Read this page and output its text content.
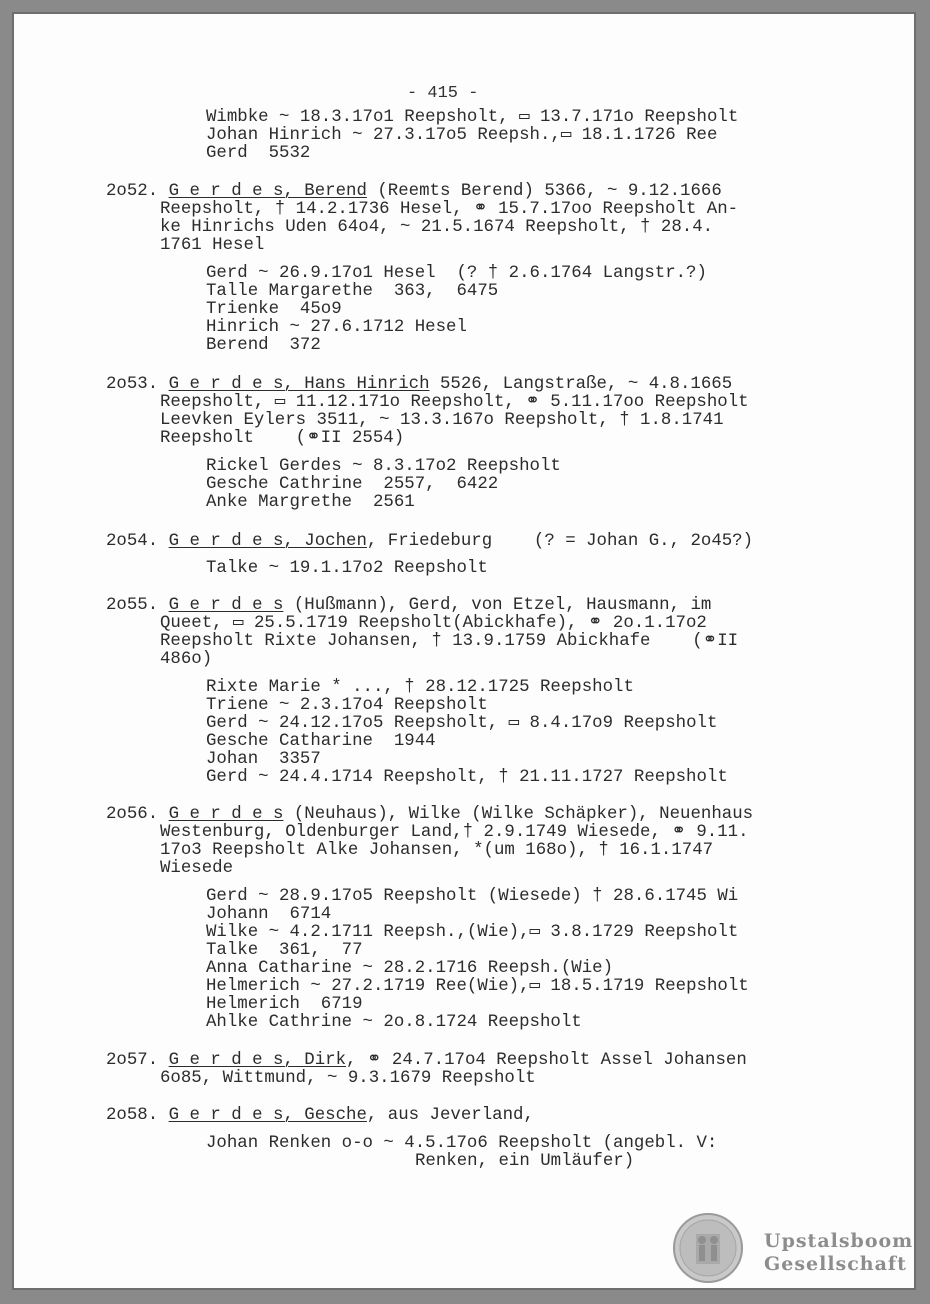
- 415 -
Wimbke ~ 18.3.17o1 Reepsholt, ▭ 13.7.171o Reepsholt
Johan Hinrich ~ 27.3.17o5 Reepsh.,▭ 18.1.1726 Ree
Gerd  5532
2o52. G e r d e s, Berend (Reemts Berend) 5366, ~ 9.12.1666
Reepsholt, † 14.2.1736 Hesel, ⚭ 15.7.17oo Reepsholt An-
ke Hinrichs Uden 64o4, ~ 21.5.1674 Reepsholt, † 28.4.
1761 Hesel
Gerd ~ 26.9.17o1 Hesel  (? † 2.6.1764 Langstr.?)
Talle Margarethe  363,  6475
Trienke  45o9
Hinrich ~ 27.6.1712 Hesel
Berend  372
2o53. G e r d e s, Hans Hinrich 5526, Langstraße, ~ 4.8.1665
Reepsholt, ▭ 11.12.171o Reepsholt, ⚭ 5.11.17oo Reepsholt
Leevken Eylers 3511, ~ 13.3.167o Reepsholt, † 1.8.1741
Reepsholt    (⚭II 2554)
Rickel Gerdes ~ 8.3.17o2 Reepsholt
Gesche Cathrine  2557,  6422
Anke Margrethe  2561
2o54. G e r d e s, Jochen, Friedeburg    (? = Johan G., 2o45?)
Talke ~ 19.1.17o2 Reepsholt
2o55. G e r d e s (Hußmann), Gerd, von Etzel, Hausmann, im
Queet, ▭ 25.5.1719 Reepsholt(Abickhafe), ⚭ 2o.1.17o2
Reepsholt Rixte Johansen, † 13.9.1759 Abickhafe    (⚭II
486o)
Rixte Marie * ..., † 28.12.1725 Reepsholt
Triene ~ 2.3.17o4 Reepsholt
Gerd ~ 24.12.17o5 Reepsholt, ▭ 8.4.17o9 Reepsholt
Gesche Catharine  1944
Johan  3357
Gerd ~ 24.4.1714 Reepsholt, † 21.11.1727 Reepsholt
2o56. G e r d e s (Neuhaus), Wilke (Wilke Schäpker), Neuenhaus
Westenburg, Oldenburger Land,† 2.9.1749 Wiesede, ⚭ 9.11.
17o3 Reepsholt Alke Johansen, *(um 168o), † 16.1.1747
Wiesede
Gerd ~ 28.9.17o5 Reepsholt (Wiesede) † 28.6.1745 Wi
Johann  6714
Wilke ~ 4.2.1711 Reepsh.,(Wie),▭ 3.8.1729 Reepsholt
Talke  361,  77
Anna Catharine ~ 28.2.1716 Reepsh.(Wie)
Helmerich ~ 27.2.1719 Ree(Wie),▭ 18.5.1719 Reepsholt
Helmerich  6719
Ahlke Cathrine ~ 2o.8.1724 Reepsholt
2o57. G e r d e s, Dirk, ⚭ 24.7.17o4 Reepsholt Assel Johansen
6o85, Wittmund, ~ 9.3.1679 Reepsholt
2o58. G e r d e s, Gesche, aus Jeverland,
Johan Renken o-o ~ 4.5.17o6 Reepsholt (angebl. V:
Renken, ein Umläufer)
Upstalsboom
Gesellschaft
